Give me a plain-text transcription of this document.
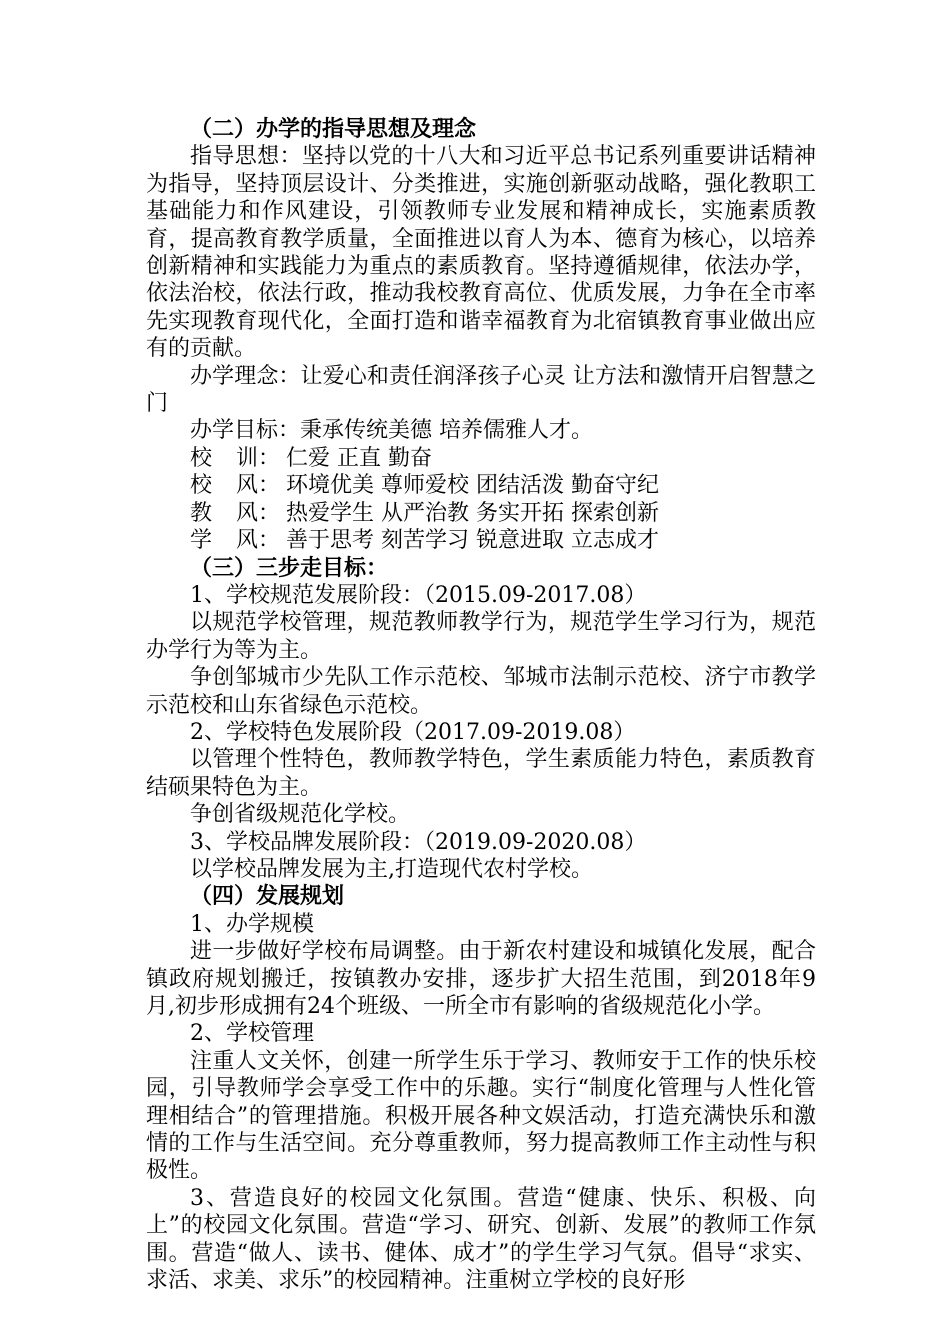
（二）办学的指导思想及理念

指导思想：坚持以党的十八大和习近平总书记系列重要讲话精神为指导，坚持顶层设计、分类推进，实施创新驱动战略，强化教职工基础能力和作风建设，引领教师专业发展和精神成长，实施素质教育，提高教育教学质量，全面推进以育人为本、德育为核心，以培养创新精神和实践能力为重点的素质教育。坚持遵循规律，依法办学，依法治校，依法行政，推动我校教育高位、优质发展，力争在全市率先实现教育现代化，全面打造和谐幸福教育为北宿镇教育事业做出应有的贡献。

办学理念：让爱心和责任润泽孩子心灵 让方法和激情开启智慧之门

办学目标：秉承传统美德 培养儒雅人才。

校 训： 仁爱 正直 勤奋
校 风： 环境优美 尊师爱校 团结活泼 勤奋守纪
教 风： 热爱学生 从严治教 务实开拓 探索创新
学 风： 善于思考 刻苦学习 锐意进取 立志成才

（三）三步走目标：

1、学校规范发展阶段：（2015.09-2017.08）

以规范学校管理，规范教师教学行为，规范学生学习行为，规范办学行为等为主。

争创邹城市少先队工作示范校、邹城市法制示范校、济宁市教学示范校和山东省绿色示范校。

2、学校特色发展阶段（2017.09-2019.08）

以管理个性特色，教师教学特色，学生素质能力特色，素质教育结硕果特色为主。

争创省级规范化学校。

3、学校品牌发展阶段：（2019.09-2020.08）

以学校品牌发展为主,打造现代农村学校。

（四）发展规划

1、办学规模

进一步做好学校布局调整。由于新农村建设和城镇化发展，配合镇政府规划搬迁，按镇教办安排，逐步扩大招生范围，到2018年9月,初步形成拥有24个班级、一所全市有影响的省级规范化小学。

2、学校管理

注重人文关怀，创建一所学生乐于学习、教师安于工作的快乐校园，引导教师学会享受工作中的乐趣。实行“制度化管理与人性化管理相结合”的管理措施。积极开展各种文娱活动，打造充满快乐和激情的工作与生活空间。充分尊重教师，努力提高教师工作主动性与积极性。

3、营造良好的校园文化氛围。营造“健康、快乐、积极、向上”的校园文化氛围。营造“学习、研究、创新、发展”的教师工作氛围。营造“做人、读书、健体、成才”的学生学习气氛。倡导“求实、求活、求美、求乐”的校园精神。注重树立学校的良好形
